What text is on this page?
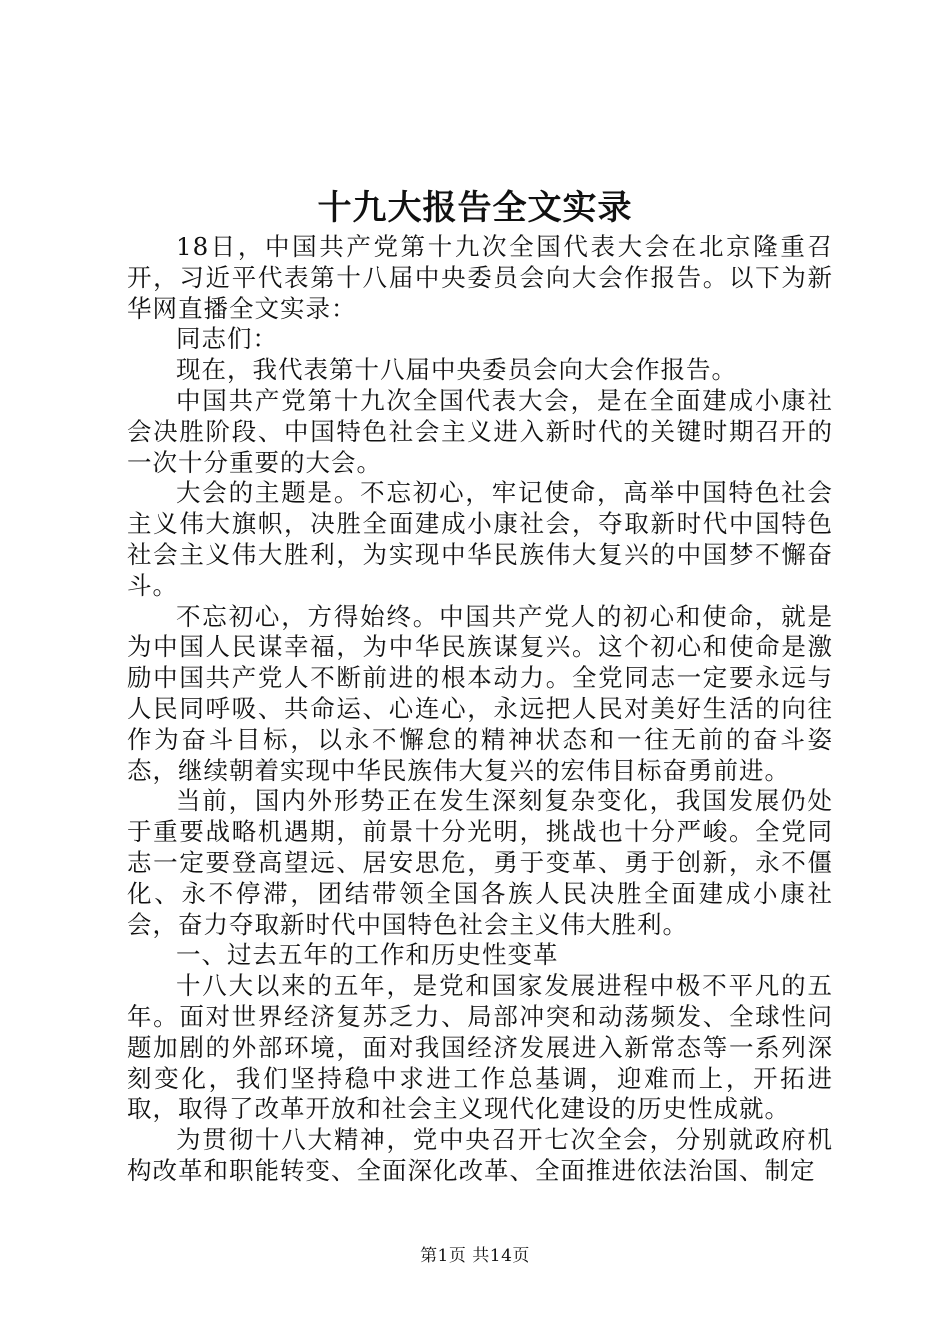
十九大报告全文实录

18日，中国共产党第十九次全国代表大会在北京隆重召开，习近平代表第十八届中央委员会向大会作报告。以下为新华网直播全文实录：

同志们：

现在，我代表第十八届中央委员会向大会作报告。

中国共产党第十九次全国代表大会，是在全面建成小康社会决胜阶段、中国特色社会主义进入新时代的关键时期召开的一次十分重要的大会。

大会的主题是。不忘初心，牢记使命，高举中国特色社会主义伟大旗帜，决胜全面建成小康社会，夺取新时代中国特色社会主义伟大胜利，为实现中华民族伟大复兴的中国梦不懈奋斗。

不忘初心，方得始终。中国共产党人的初心和使命，就是为中国人民谋幸福，为中华民族谋复兴。这个初心和使命是激励中国共产党人不断前进的根本动力。全党同志一定要永远与人民同呼吸、共命运、心连心，永远把人民对美好生活的向往作为奋斗目标，以永不懈怠的精神状态和一往无前的奋斗姿态，继续朝着实现中华民族伟大复兴的宏伟目标奋勇前进。

当前，国内外形势正在发生深刻复杂变化，我国发展仍处于重要战略机遇期，前景十分光明，挑战也十分严峻。全党同志一定要登高望远、居安思危，勇于变革、勇于创新，永不僵化、永不停滞，团结带领全国各族人民决胜全面建成小康社会，奋力夺取新时代中国特色社会主义伟大胜利。

一、过去五年的工作和历史性变革

十八大以来的五年，是党和国家发展进程中极不平凡的五年。面对世界经济复苏乏力、局部冲突和动荡频发、全球性问题加剧的外部环境，面对我国经济发展进入新常态等一系列深刻变化，我们坚持稳中求进工作总基调，迎难而上，开拓进取，取得了改革开放和社会主义现代化建设的历史性成就。

为贯彻十八大精神，党中央召开七次全会，分别就政府机构改革和职能转变、全面深化改革、全面推进依法治国、制定

第1页 共14页
